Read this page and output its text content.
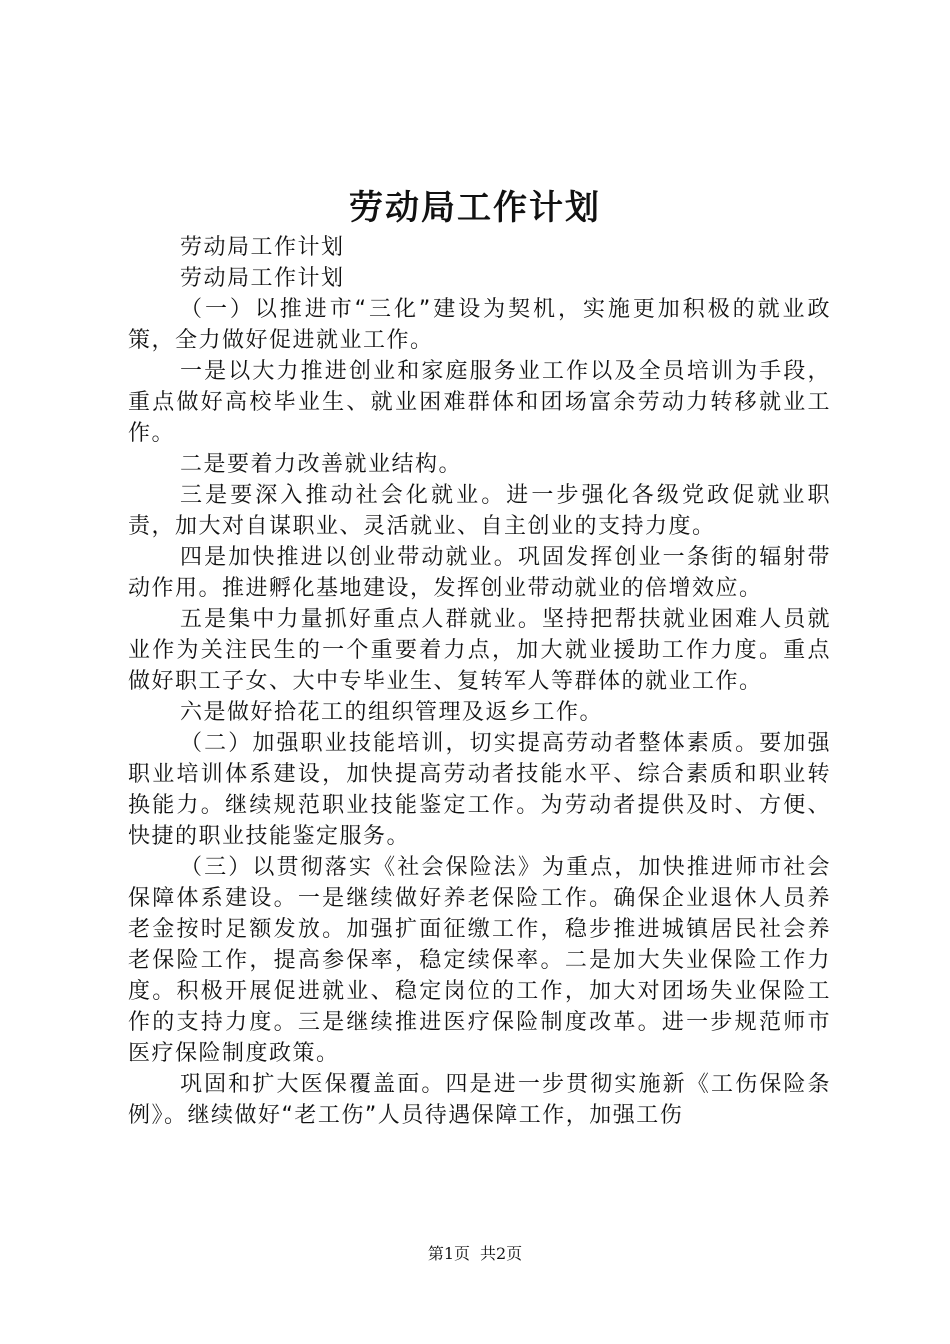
劳动局工作计划

劳动局工作计划

劳动局工作计划

（一）以推进市“三化”建设为契机，实施更加积极的就业政策，全力做好促进就业工作。

一是以大力推进创业和家庭服务业工作以及全员培训为手段，重点做好高校毕业生、就业困难群体和团场富余劳动力转移就业工作。

二是要着力改善就业结构。

三是要深入推动社会化就业。进一步强化各级党政促就业职责，加大对自谋职业、灵活就业、自主创业的支持力度。

四是加快推进以创业带动就业。巩固发挥创业一条街的辐射带动作用。推进孵化基地建设，发挥创业带动就业的倍增效应。

五是集中力量抓好重点人群就业。坚持把帮扶就业困难人员就业作为关注民生的一个重要着力点，加大就业援助工作力度。重点做好职工子女、大中专毕业生、复转军人等群体的就业工作。

六是做好拾花工的组织管理及返乡工作。

（二）加强职业技能培训，切实提高劳动者整体素质。要加强职业培训体系建设，加快提高劳动者技能水平、综合素质和职业转换能力。继续规范职业技能鉴定工作。为劳动者提供及时、方便、快捷的职业技能鉴定服务。

（三）以贯彻落实《社会保险法》为重点，加快推进师市社会保障体系建设。一是继续做好养老保险工作。确保企业退休人员养老金按时足额发放。加强扩面征缴工作，稳步推进城镇居民社会养老保险工作，提高参保率，稳定续保率。二是加大失业保险工作力度。积极开展促进就业、稳定岗位的工作，加大对团场失业保险工作的支持力度。三是继续推进医疗保险制度改革。进一步规范师市医疗保险制度政策。

巩固和扩大医保覆盖面。四是进一步贯彻实施新《工伤保险条例》。继续做好“老工伤”人员待遇保障工作，加强工伤

第1页 共2页
